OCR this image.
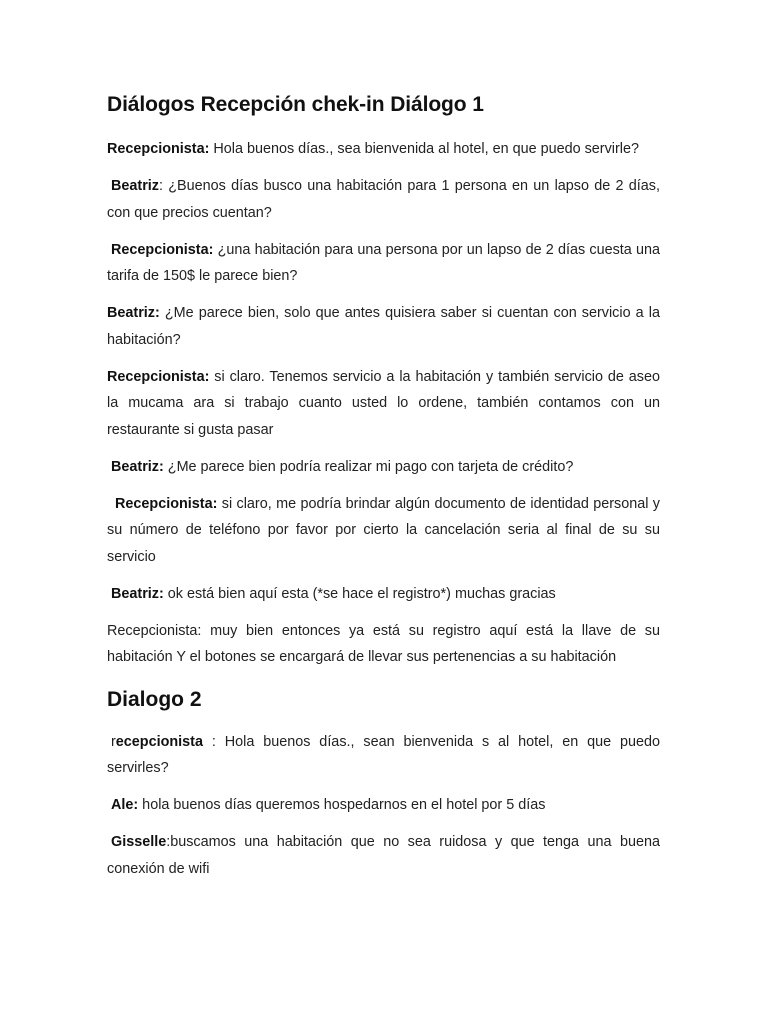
Diálogos Recepción chek-in Diálogo 1

Recepcionista: Hola buenos días., sea bienvenida al hotel, en que puedo servirle?

Beatriz: ¿Buenos días busco una habitación para 1 persona en un lapso de 2 días, con que precios cuentan?

Recepcionista: ¿una habitación para una persona por un lapso de 2 días cuesta una tarifa de 150$ le parece bien?

Beatriz: ¿Me parece bien, solo que antes quisiera saber si cuentan con servicio a la habitación?

Recepcionista: si claro. Tenemos servicio a la habitación y también servicio de aseo la mucama ara si trabajo cuanto usted lo ordene, también contamos con un restaurante si gusta pasar

Beatriz: ¿Me parece bien podría realizar mi pago con tarjeta de crédito?

Recepcionista: si claro, me podría brindar algún documento de identidad personal y su número de teléfono por favor por cierto la cancelación seria al final de su su servicio

Beatriz: ok está bien aquí esta (*se hace el registro*) muchas gracias

Recepcionista: muy bien entonces ya está su registro aquí está la llave de su habitación Y el botones se encargará de llevar sus pertenencias a su habitación

Dialogo 2

recepcionista : Hola buenos días., sean bienvenida s al hotel, en que puedo servirles?

Ale: hola buenos días queremos hospedarnos en el hotel por 5 días

Gisselle:buscamos una habitación que no sea ruidosa y que tenga una buena conexión de wifi
